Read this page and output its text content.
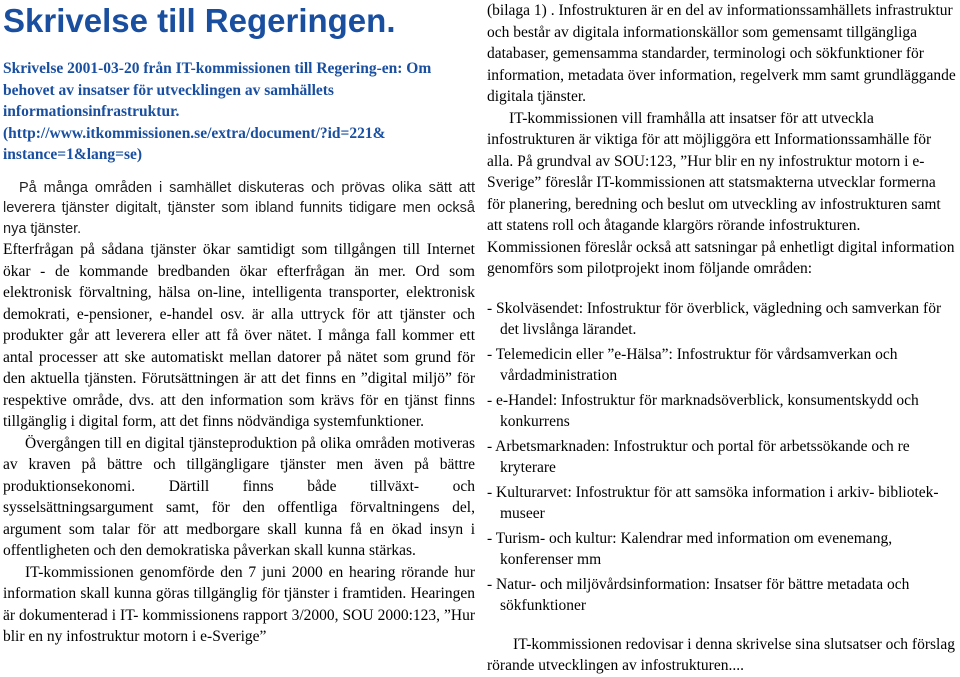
Skrivelse till Regeringen.

Skrivelse 2001-03-20 från IT-kommissionen till Regering-en: Om behovet av insatser för utvecklingen av samhällets informationsinfrastruktur. (http://www.itkommissionen.se/extra/document/?id=221& instance=1&lang=se)

På många områden i samhället diskuteras och prövas olika sätt att leverera tjänster digitalt, tjänster som ibland funnits tidigare men också nya tjänster.

Efterfrågan på sådana tjänster ökar samtidigt som tillgången till Internet ökar - de kommande bredbanden ökar efterfrågan än mer. Ord som elektronisk förvaltning, hälsa on-line, intelligenta transporter, elektronisk demokrati, e-pensioner, e-handel osv. är alla uttryck för att tjänster och produkter går att leverera eller att få över nätet. I många fall kommer ett antal processer att ske automatiskt mellan datorer på nätet som grund för den aktuella tjänsten. Förutsättningen är att det finns en ”digital miljö” för respektive område, dvs. att den information som krävs för en tjänst finns tillgänglig i digital form, att det finns nödvändiga systemfunktioner.

Övergången till en digital tjänsteproduktion på olika områden motiveras av kraven på bättre och tillgängligare tjänster men även på bättre produktionsekonomi. Därtill finns både tillväxt- och sysselsättningsargument samt, för den offentliga förvaltningens del, argument som talar för att medborgare skall kunna få en ökad insyn i offentligheten och den demokratiska påverkan skall kunna stärkas.

IT-kommissionen genomförde den 7 juni 2000 en hearing rörande hur information skall kunna göras tillgänglig för tjänster i framtiden. Hearingen är dokumenterad i IT- kommissionens rapport 3/2000, SOU 2000:123, ”Hur blir en ny infostruktur motorn i e-Sverige”

(bilaga 1) . Infostrukturen är en del av informationssamhällets infrastruktur och består av digitala informationskällor som gemensamt tillgängliga databaser, gemensamma standarder, terminologi och sökfunktioner för information, metadata över information, regelverk mm samt grundläggande digitala tjänster.

IT-kommissionen vill framhålla att insatser för att utveckla infostrukturen är viktiga för att möjliggöra ett Informationssamhälle för alla. På grundval av SOU:123, ”Hur blir en ny infostruktur motorn i e-Sverige” föreslår IT-kommissionen att statsmakterna utvecklar formerna för planering, beredning och beslut om utveckling av infostrukturen samt att statens roll och åtagande klargörs rörande infostrukturen. Kommissionen föreslår också att satsningar på enhetligt digital information genomförs som pilotprojekt inom följande områden:

- Skolväsendet: Infostruktur för överblick, vägledning och samverkan för det livslånga lärandet.
- Telemedicin eller ”e-Hälsa”: Infostruktur för vårdsamverkan och vårdadministration
- e-Handel: Infostruktur för marknadsöverblick, konsumentskydd och konkurrens
- Arbetsmarknaden: Infostruktur och portal för arbetssökande och re kryterare
- Kulturarvet: Infostruktur för att samsöka information i arkiv- bibliotek-museer
- Turism- och kultur: Kalendrar med information om evenemang, konferenser mm
- Natur- och miljövårdsinformation: Insatser för bättre metadata och sökfunktioner

IT-kommissionen redovisar i denna skrivelse sina slutsatser och förslag rörande utvecklingen av infostrukturen....
